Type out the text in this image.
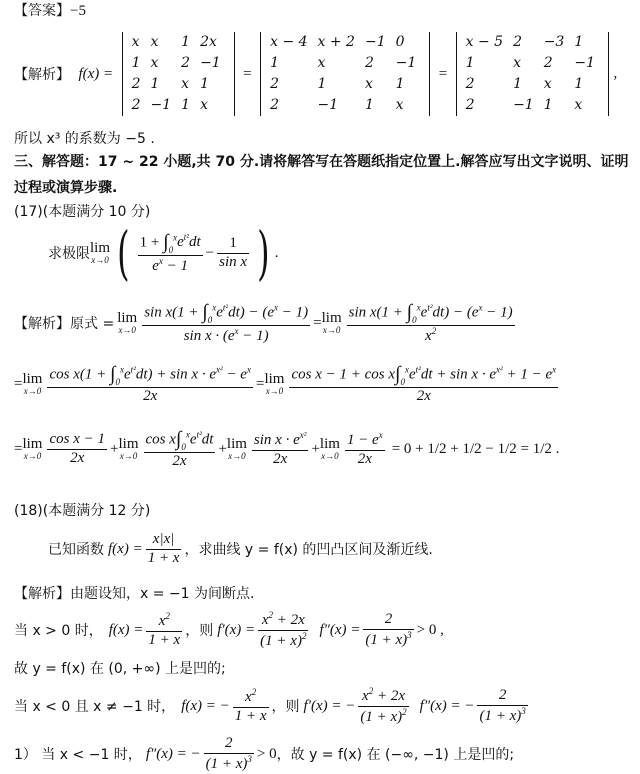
【答案】−5
【解析】 f(x) =
x	x	1	2x
1	x	2	−1
2	1	x	1
2	−1	1	x
=
x − 4	x + 2	−1	0
1	x	2	−1
2	1	x	1
2	−1	1	x
=
x − 5	2	−3	1
1	x	2	−1
2	1	x	1
2	−1	1	x
,
所以 x³ 的系数为 −5 .
三、解答题：17 ~ 22 小题,共 70 分.请将解答写在答题纸指定位置上.解答应写出文字说明、证明
过程或演算步骤.
(17)(本题满分 10 分)
求极限 lim
x→0 ( $\frac{1 + \int_0^xe^{t^2}dt}{e^x - 1} - \frac{1}{\text{sin x}}$ ) .
【解析】 原式 = lim
$x\to 0 \frac{\sin x(1 + \int_0^xe^{t^2}dt) - (e^x - 1)}{\sin x \cdot (e^x - 1)} = \lim$
$x\to 0 \frac{\sin x(1 + \int_0^xe^{t^2}dt) - (e^x - 1)}{x^2}$
= lim
$x\to 0 \frac{\cos x(1 + \int_0^xe^{t^2}dt) + \sin x \cdot e^{x^2} - e^x}{2x} = \lim$
$x\to 0 \frac{\cos x - 1 + \cos x\int_0^xe^{t^2}dt + \sin x \cdot e^{x^2} + 1 - e^x}{2x}$
= lim
$x\to 0 \frac{\text{cos x − 1}}{2x} + \lim$
$x\to 0 \frac{\cos x\int_0^xe^{t^2}dt}{2x} + \lim$
$x\to 0 \frac{\sin x \cdot e^{x^2}}{2x} + \lim$
$x\to 0 \frac{1 - e^x}{2x} = 0 + 1/2 + 1/2 - 1/2 = 1/2$ .
(18)(本题满分 12 分)
已知函数 $f(x) = \frac{x|x|}{1 + x}$ ，求曲线 y = f(x) 的凹凸区间及渐近线.
【解析】由题设知，x = −1 为间断点.
当 x > 0 时， $f(x) = \frac{x^2}{1 + x}$ ，则 $f'(x) = \frac{x^2 + 2x}{(1 + x)^2} f''(x) = \frac{2}{(1 + x)^3} > 0$ ,
故 y = f(x) 在 (0, +∞) 上是凹的;
当 x < 0 且 x ≠ −1 时， f(x) = − $\frac{x^2}{1 + x}$ ，则 f′(x) = − $\frac{x^2 + 2x}{(1 + x)^2} f''(x)$ = − $\frac{2}{(1 + x)^3}$
1） 当 x < −1 时， f″(x) = − $\frac{2}{(1 + x)^3} > 0$ ，故 y = f(x) 在 (−∞, −1) 上是凹的;
